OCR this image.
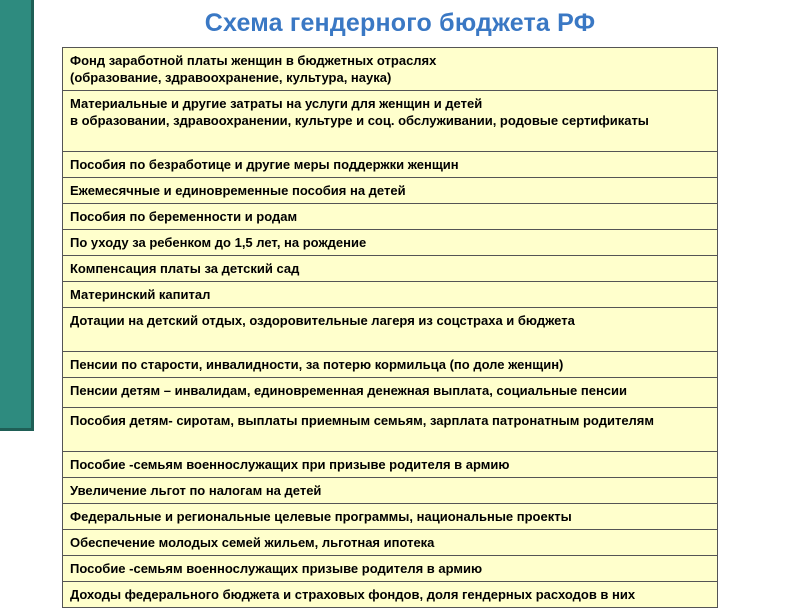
Схема гендерного бюджета РФ
Фонд заработной платы женщин в бюджетных отраслях
(образование, здравоохранение, культура, наука)
Материальные и другие затраты на услуги для женщин и детей
в образовании, здравоохранении, культуре и соц. обслуживании, родовые сертификаты
Пособия по безработице и другие меры поддержки женщин
Ежемесячные и единовременные пособия на детей
Пособия по беременности и родам
По уходу за ребенком до 1,5 лет, на рождение
Компенсация платы за детский сад
Материнский капитал
Дотации на детский отдых, оздоровительные лагеря из соцстраха и бюджета
Пенсии по старости, инвалидности, за потерю кормильца (по доле женщин)
Пенсии детям – инвалидам, единовременная денежная выплата, социальные пенсии
Пособия детям- сиротам, выплаты приемным семьям, зарплата патронатным родителям
Пособие -семьям военнослужащих при призыве родителя в армию
Увеличение льгот по налогам на детей
Федеральные и региональные целевые программы, национальные проекты
Обеспечение молодых семей жильем, льготная ипотека
Пособие -семьям военнослужащих призыве родителя в армию
Доходы федерального бюджета и страховых фондов, доля гендерных расходов в них
